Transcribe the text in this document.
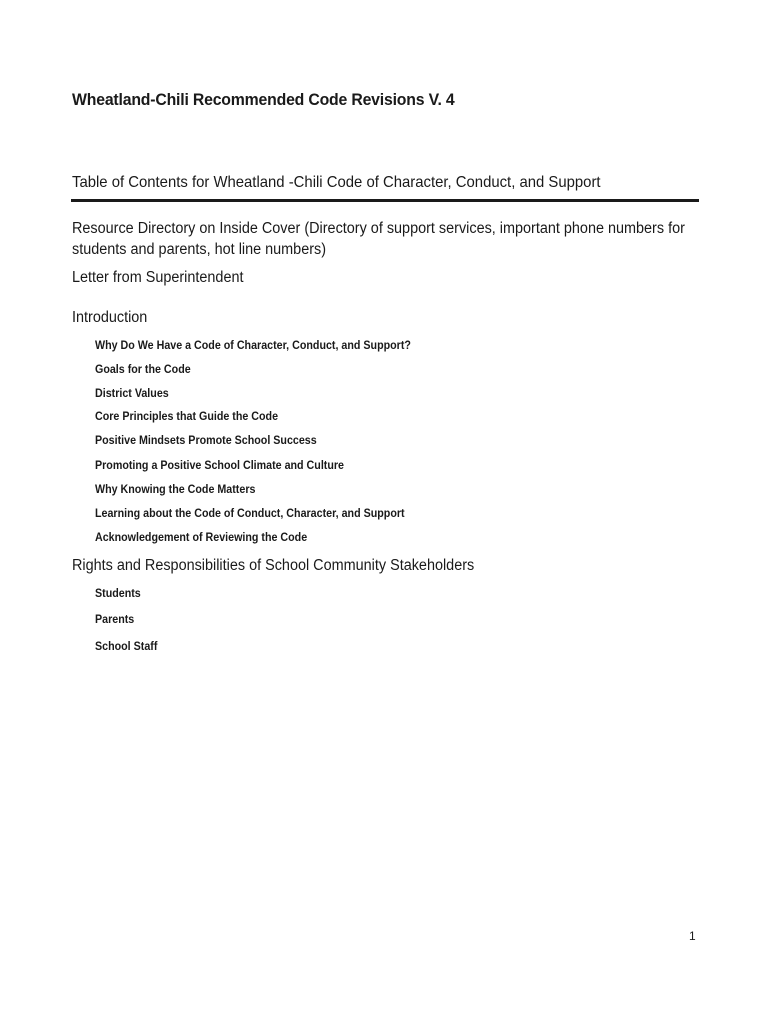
Wheatland-Chili Recommended Code Revisions V. 4
Table of Contents for Wheatland -Chili Code of Character, Conduct, and Support
Resource Directory on Inside Cover (Directory of support services, important phone numbers for students and parents, hot line numbers)
Letter from Superintendent
Introduction
Why Do We Have a Code of Character, Conduct, and Support?
Goals for the Code
District Values
Core Principles that Guide the Code
Positive Mindsets Promote School Success
Promoting a Positive School Climate and Culture
Why Knowing the Code Matters
Learning about the Code of Conduct, Character, and Support
Acknowledgement of Reviewing the Code
Rights and Responsibilities of School Community Stakeholders
Students
Parents
School Staff
1
